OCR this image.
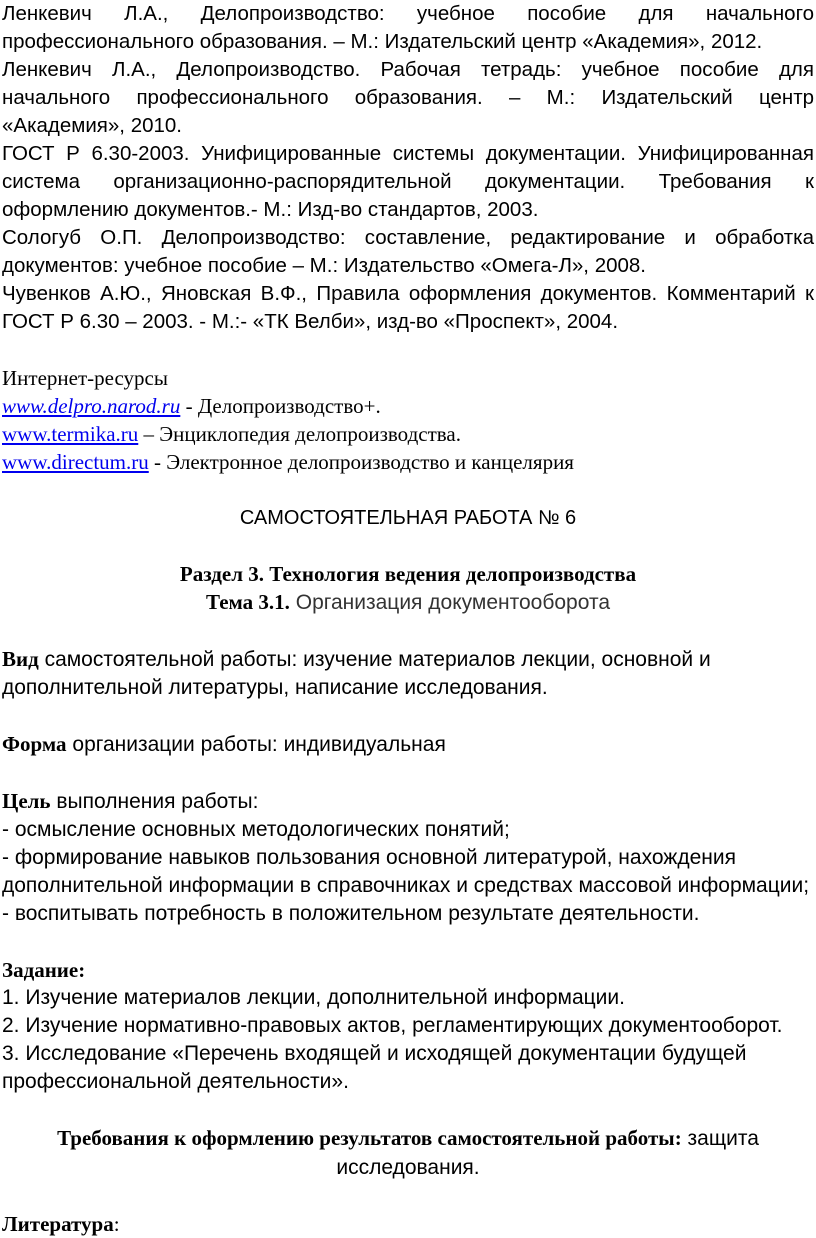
Ленкевич Л.А., Делопроизводство: учебное пособие для начального профессионального образования. – М.: Издательский центр «Академия», 2012.

Ленкевич Л.А., Делопроизводство. Рабочая тетрадь: учебное пособие для начального профессионального образования. – М.: Издательский центр «Академия», 2010.

ГОСТ Р 6.30-2003. Унифицированные системы документации. Унифицированная система организационно-распорядительной документации. Требования к оформлению документов.- М.: Изд-во стандартов, 2003.

Сологуб О.П. Делопроизводство: составление, редактирование и обработка документов: учебное пособие – М.: Издательство «Омега-Л», 2008.

Чувенков А.Ю., Яновская В.Ф., Правила оформления документов. Комментарий к ГОСТ Р 6.30 – 2003. - М.:- «ТК Велби», изд-во «Проспект», 2004.

Интернет-ресурсы

www.delpro.narod.ru - Делопроизводство+.

www.termika.ru – Энциклопедия делопроизводства.

www.directum.ru - Электронное делопроизводство и канцелярия

САМОСТОЯТЕЛЬНАЯ РАБОТА № 6

Раздел 3. Технология ведения делопроизводства

Тема 3.1. Организация документооборота

Вид самостоятельной работы: изучение материалов лекции, основной и дополнительной литературы, написание исследования.

Форма организации работы: индивидуальная

Цель выполнения работы:

- осмысление основных методологических понятий;

- формирование навыков пользования основной литературой, нахождения дополнительной информации в справочниках и средствах массовой информации;

- воспитывать потребность в положительном результате деятельности.

Задание:

1. Изучение материалов лекции, дополнительной информации.

2. Изучение нормативно-правовых актов, регламентирующих документооборот.

3. Исследование «Перечень входящей и исходящей документации будущей профессиональной деятельности».

Требования к оформлению результатов самостоятельной работы: защита исследования.

Литература:
